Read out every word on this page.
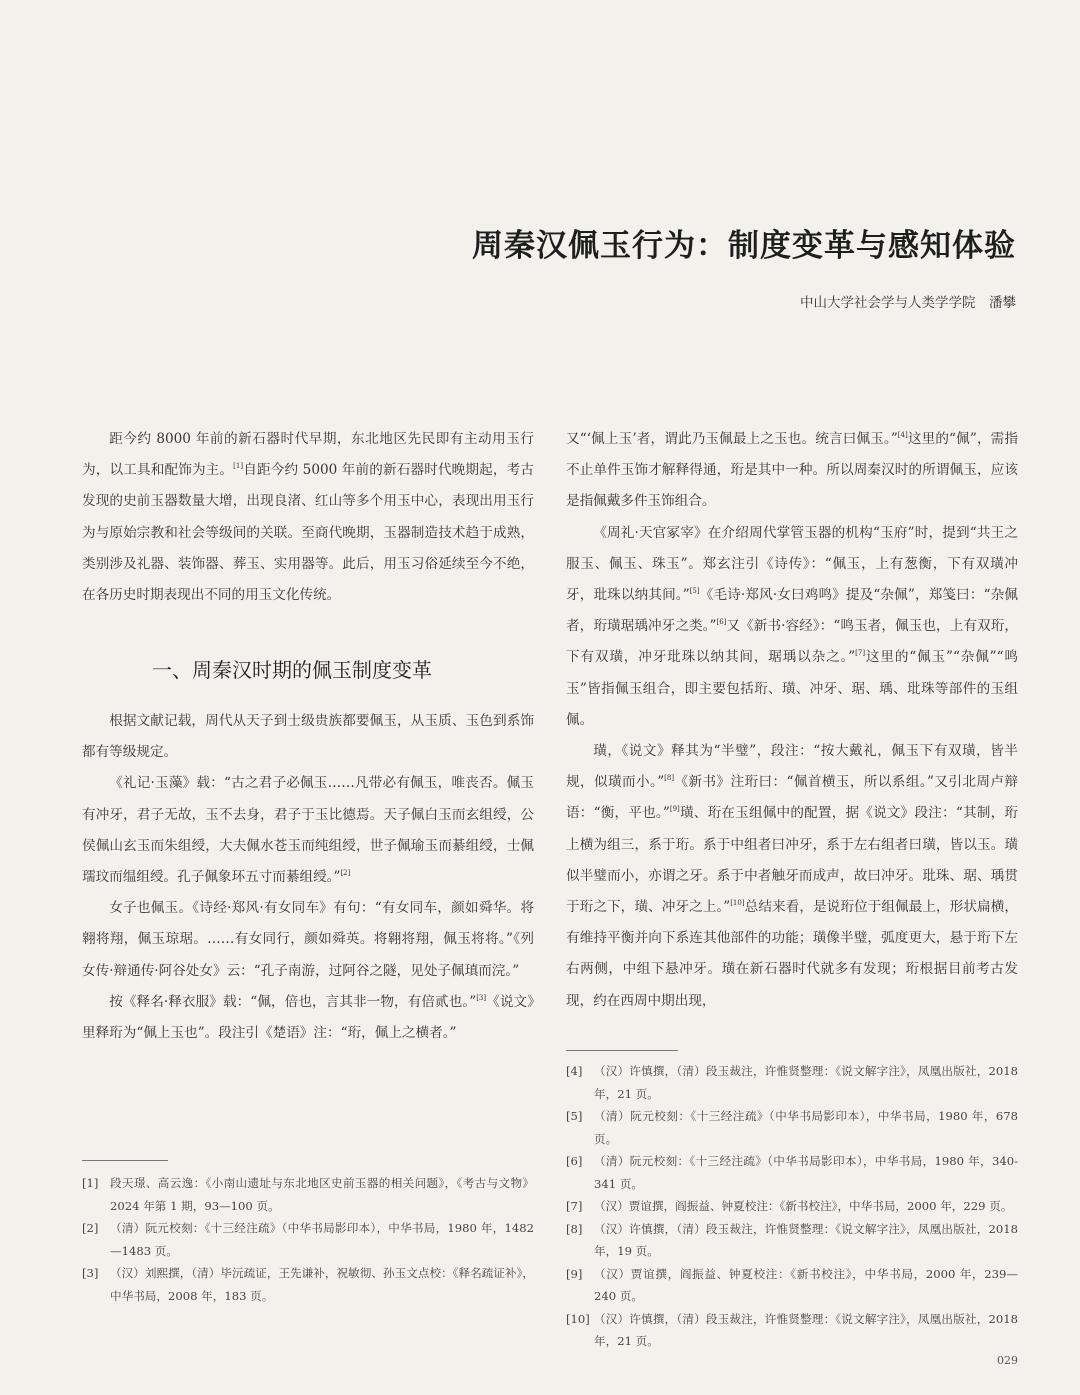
周秦汉佩玉行为：制度变革与感知体验
中山大学社会学与人类学学院　潘攀

距今约 8000 年前的新石器时代早期，东北地区先民即有主动用玉行为，以工具和配饰为主。[1]自距今约 5000 年前的新石器时代晚期起，考古发现的史前玉器数量大增，出现良渚、红山等多个用玉中心，表现出用玉行为与原始宗教和社会等级间的关联。至商代晚期，玉器制造技术趋于成熟，类别涉及礼器、装饰器、葬玉、实用器等。此后，用玉习俗延续至今不绝，在各历史时期表现出不同的用玉文化传统。

一、周秦汉时期的佩玉制度变革

根据文献记载，周代从天子到士级贵族都要佩玉，从玉质、玉色到系饰都有等级规定。

《礼记·玉藻》载：“古之君子必佩玉……凡带必有佩玉，唯丧否。佩玉有冲牙，君子无故，玉不去身，君子于玉比德焉。天子佩白玉而玄组绶，公侯佩山玄玉而朱组绶，大夫佩水苍玉而纯组绶，世子佩瑜玉而綦组绶，士佩瓀玟而缊组绶。孔子佩象环五寸而綦组绶。”[2]

女子也佩玉。《诗经·郑风·有女同车》有句：“有女同车，颜如舜华。将翱将翔，佩玉琼琚。……有女同行，颜如舜英。将翱将翔，佩玉将将。”《列女传·辩通传·阿谷处女》云：“孔子南游，过阿谷之隧，见处子佩瑱而浣。”

按《释名·释衣服》载：“佩，倍也，言其非一物，有倍贰也。”[3]《说文》里释珩为“佩上玉也”。段注引《楚语》注：“珩，佩上之横者。”

又“‘佩上玉’者，谓此乃玉佩最上之玉也。统言曰佩玉。”[4]这里的“佩”，需指不止单件玉饰才解释得通，珩是其中一种。所以周秦汉时的所谓佩玉，应该是指佩戴多件玉饰组合。

《周礼·天官冢宰》在介绍周代掌管玉器的机构“玉府”时，提到“共王之服玉、佩玉、珠玉”。郑玄注引《诗传》：“佩玉，上有葱衡，下有双璜冲牙，玭珠以纳其间。”[5]《毛诗·郑风·女曰鸡鸣》提及“杂佩”，郑笺曰：“杂佩者，珩璜琚瑀冲牙之类。”[6]又《新书·容经》：“鸣玉者，佩玉也，上有双珩，下有双璜，冲牙玭珠以纳其间，琚瑀以杂之。”[7]这里的“佩玉”“杂佩”“鸣玉”皆指佩玉组合，即主要包括珩、璜、冲牙、琚、瑀、玭珠等部件的玉组佩。

璜，《说文》释其为“半璧”，段注：“按大戴礼，佩玉下有双璜，皆半规，似璜而小。”[8]《新书》注珩曰：“佩首横玉，所以系组。”又引北周卢辩语：“衡，平也。”[9]璜、珩在玉组佩中的配置，据《说文》段注：“其制，珩上横为组三，系于珩。系于中组者曰冲牙，系于左右组者曰璜，皆以玉。璜似半璧而小，亦谓之牙。系于中者触牙而成声，故曰冲牙。玭珠、琚、瑀贯于珩之下，璜、冲牙之上。”[10]总结来看，是说珩位于组佩最上，形状扁横，有维持平衡并向下系连其他部件的功能；璜像半璧，弧度更大，悬于珩下左右两侧，中组下悬冲牙。璜在新石器时代就多有发现；珩根据目前考古发现，约在西周中期出现，

[1] 段天璟、高云逸：《小南山遗址与东北地区史前玉器的相关问题》，《考古与文物》2024 年第 1 期，93—100 页。
[2] （清）阮元校刻：《十三经注疏》（中华书局影印本），中华书局，1980 年，1482—1483 页。
[3] （汉）刘熙撰，（清）毕沅疏证，王先谦补，祝敏彻、孙玉文点校：《释名疏证补》，中华书局，2008 年，183 页。
[4] （汉）许慎撰，（清）段玉裁注，许惟贤整理：《说文解字注》，凤凰出版社，2018 年，21 页。
[5] （清）阮元校刻：《十三经注疏》（中华书局影印本），中华书局，1980 年，678 页。
[6] （清）阮元校刻：《十三经注疏》（中华书局影印本），中华书局，1980 年，340-341 页。
[7] （汉）贾谊撰，阎振益、钟夏校注：《新书校注》，中华书局，2000 年，229 页。
[8] （汉）许慎撰，（清）段玉裁注，许惟贤整理：《说文解字注》，凤凰出版社，2018 年，19 页。
[9] （汉）贾谊撰，阎振益、钟夏校注：《新书校注》，中华书局，2000 年，239—240 页。
[10] （汉）许慎撰，（清）段玉裁注，许惟贤整理：《说文解字注》，凤凰出版社，2018 年，21 页。
029
